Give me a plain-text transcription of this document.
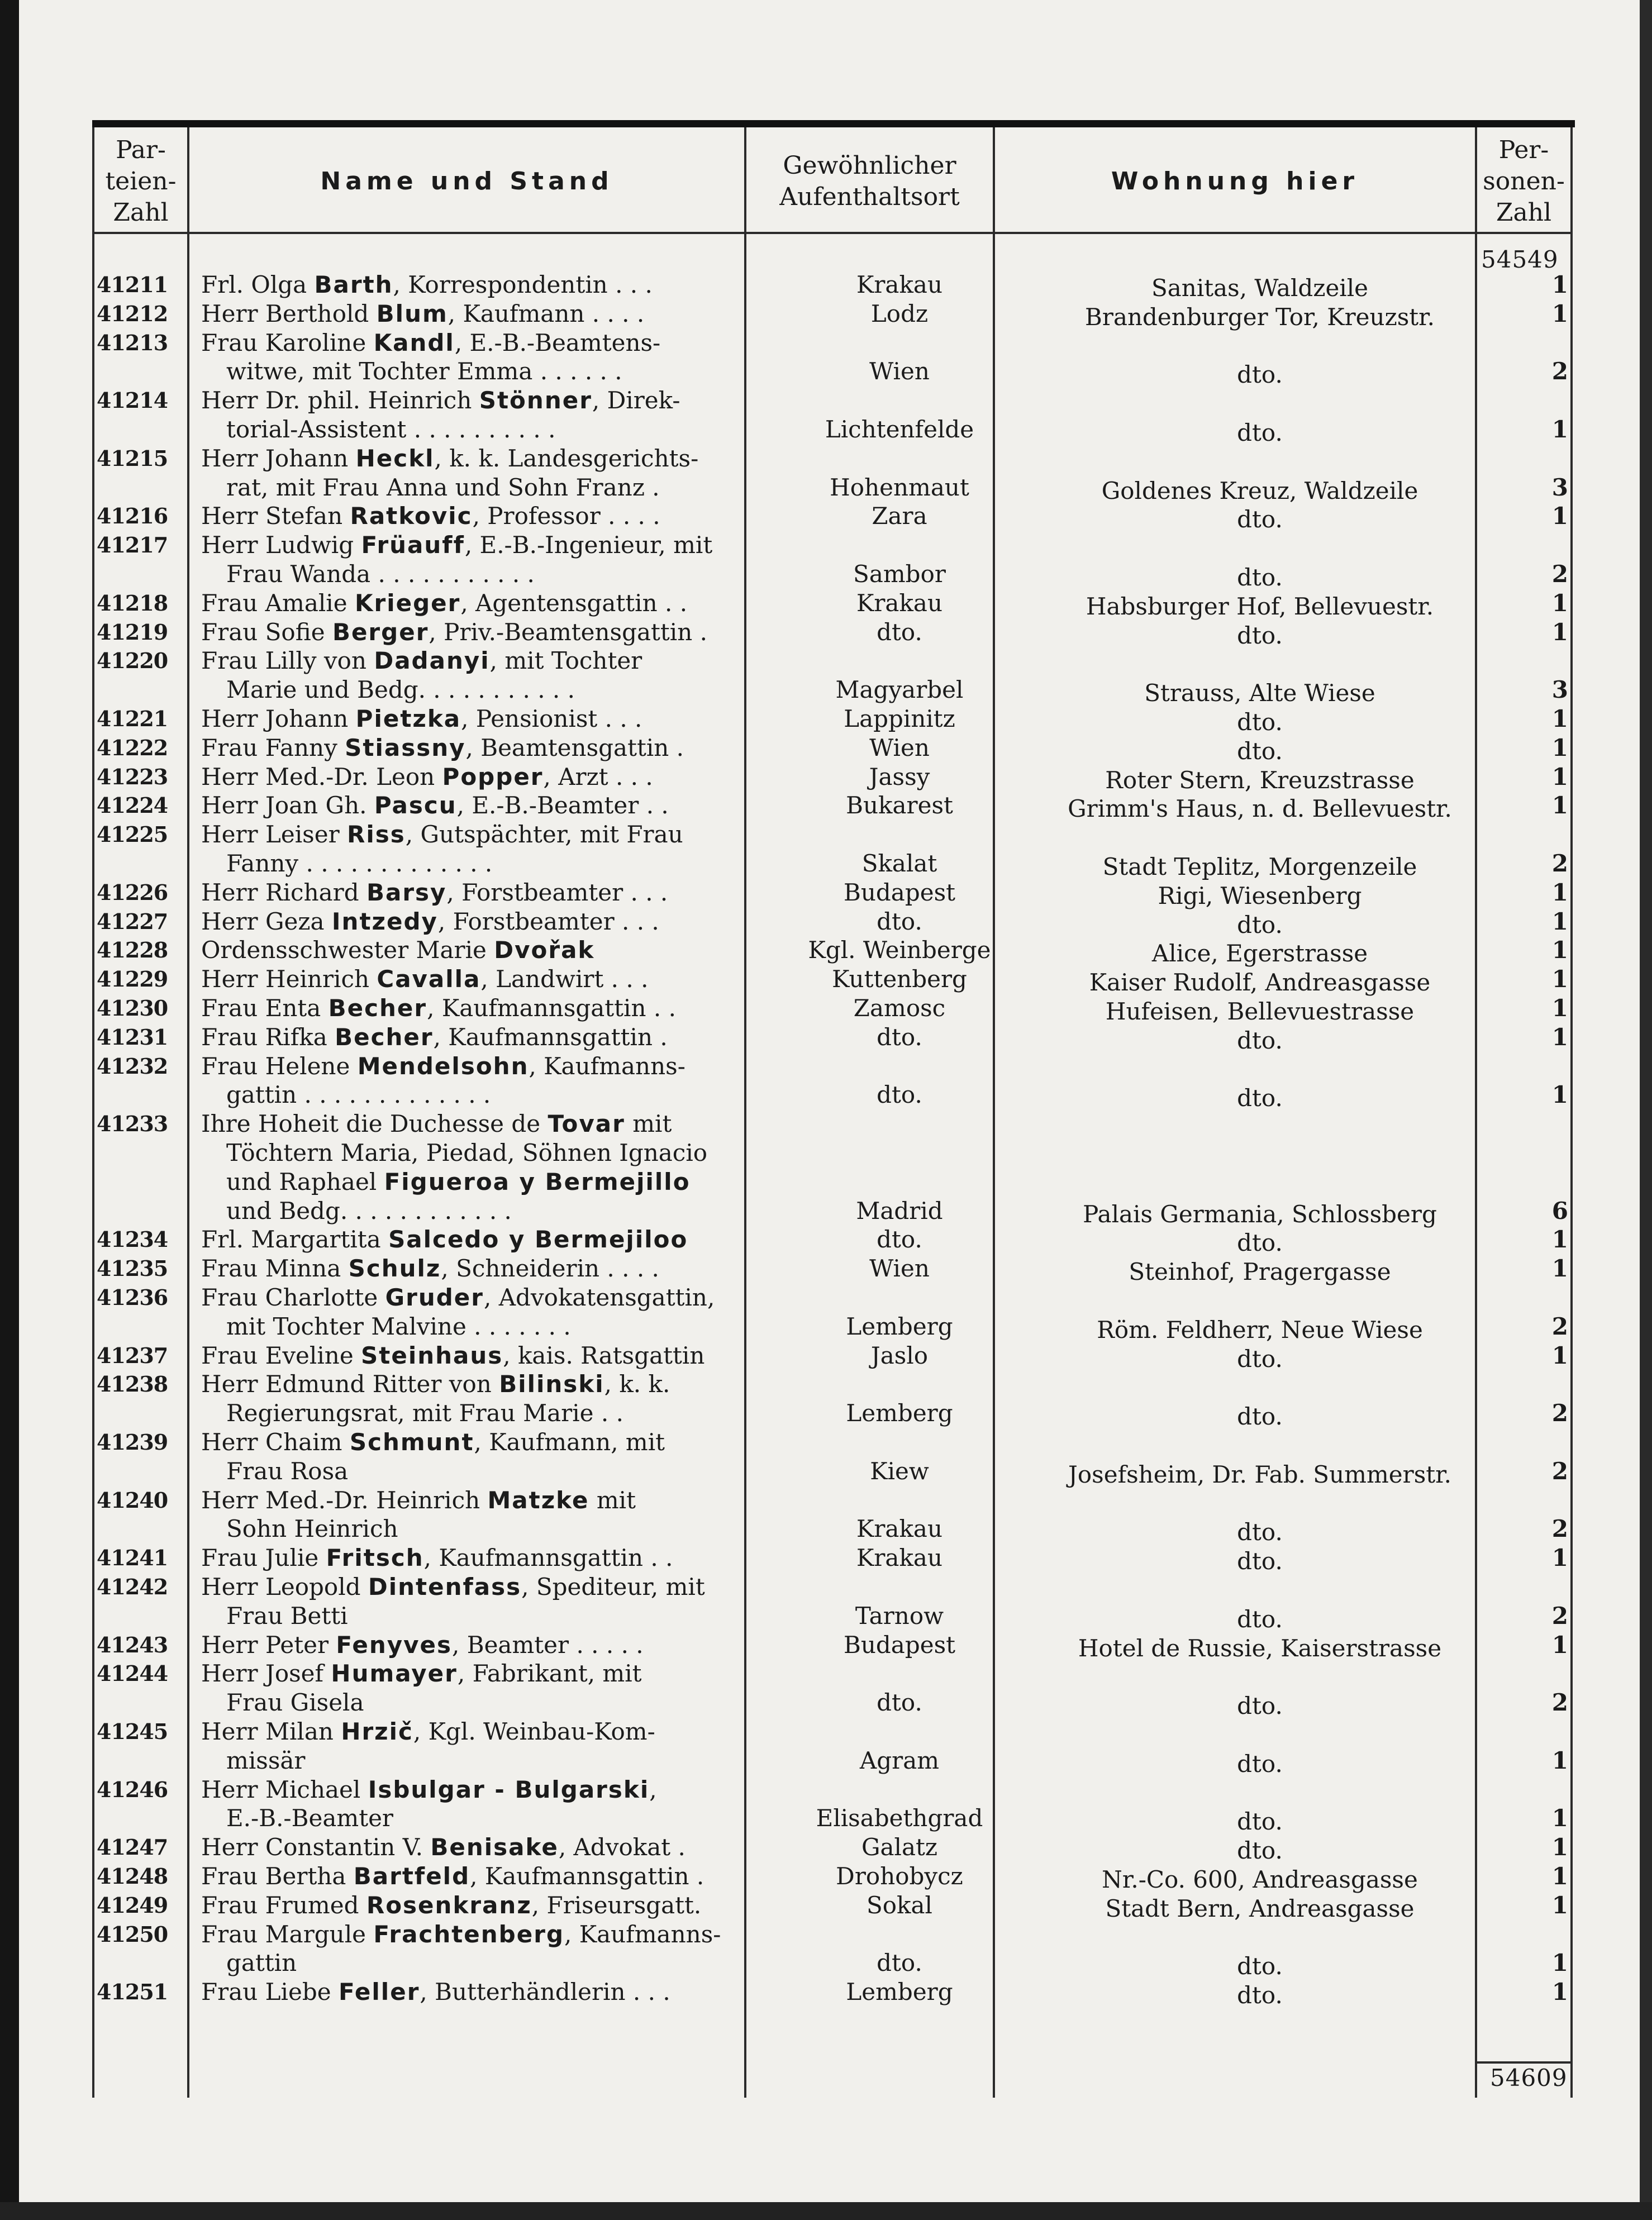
Par-teien-Zahl
Name und Stand
Gewöhnlicher Aufenthaltsort
Wohnung hier
Per-sonen-Zahl
54549
54609
41211	Frl. Olga Barth, Korrespondentin . . .	Krakau	Sanitas, Waldzeile	1
41212	Herr Berthold Blum, Kaufmann . . . .	Lodz	Brandenburger Tor, Kreuzstr.	1
41213	Frau Karoline Kandl, E.-B.-Beamtens-
witwe, mit Tochter Emma . . . . . .	Wien	dto.	2
41214	Herr Dr. phil. Heinrich Stönner, Direk-
torial-Assistent . . . . . . . . . .	Lichtenfelde	dto.	1
41215	Herr Johann Heckl, k. k. Landesgerichts-
rat, mit Frau Anna und Sohn Franz .	Hohenmaut	Goldenes Kreuz, Waldzeile	3
41216	Herr Stefan Ratkovic, Professor . . . .	Zara	dto.	1
41217	Herr Ludwig Früauff, E.-B.-Ingenieur, mit
Frau Wanda . . . . . . . . . . .	Sambor	dto.	2
41218	Frau Amalie Krieger, Agentensgattin . .	Krakau	Habsburger Hof, Bellevuestr.	1
41219	Frau Sofie Berger, Priv.-Beamtensgattin .	dto.	dto.	1
41220	Frau Lilly von Dadanyi, mit Tochter
Marie und Bedg. . . . . . . . . . .	Magyarbel	Strauss, Alte Wiese	3
41221	Herr Johann Pietzka, Pensionist . . .	Lappinitz	dto.	1
41222	Frau Fanny Stiassny, Beamtensgattin .	Wien	dto.	1
41223	Herr Med.-Dr. Leon Popper, Arzt . . .	Jassy	Roter Stern, Kreuzstrasse	1
41224	Herr Joan Gh. Pascu, E.-B.-Beamter . .	Bukarest	Grimm's Haus, n. d. Bellevuestr.	1
41225	Herr Leiser Riss, Gutspächter, mit Frau
Fanny . . . . . . . . . . . . .	Skalat	Stadt Teplitz, Morgenzeile	2
41226	Herr Richard Barsy, Forstbeamter . . .	Budapest	Rigi, Wiesenberg	1
41227	Herr Geza Intzedy, Forstbeamter . . .	dto.	dto.	1
41228	Ordensschwester Marie Dvořak	Kgl. Weinberge	Alice, Egerstrasse	1
41229	Herr Heinrich Cavalla, Landwirt . . .	Kuttenberg	Kaiser Rudolf, Andreasgasse	1
41230	Frau Enta Becher, Kaufmannsgattin . .	Zamosc	Hufeisen, Bellevuestrasse	1
41231	Frau Rifka Becher, Kaufmannsgattin .	dto.	dto.	1
41232	Frau Helene Mendelsohn, Kaufmanns-
gattin . . . . . . . . . . . . .	dto.	dto.	1
41233	Ihre Hoheit die Duchesse de Tovar mit
Töchtern Maria, Piedad, Söhnen Ignacio
und Raphael Figueroa y Bermejillo
und Bedg. . . . . . . . . . . .	Madrid	Palais Germania, Schlossberg	6
41234	Frl. Margartita Salcedo y Bermejiloo	dto.	dto.	1
41235	Frau Minna Schulz, Schneiderin . . . .	Wien	Steinhof, Pragergasse	1
41236	Frau Charlotte Gruder, Advokatensgattin,
mit Tochter Malvine . . . . . . .	Lemberg	Röm. Feldherr, Neue Wiese	2
41237	Frau Eveline Steinhaus, kais. Ratsgattin	Jaslo	dto.	1
41238	Herr Edmund Ritter von Bilinski, k. k.
Regierungsrat, mit Frau Marie . .	Lemberg	dto.	2
41239	Herr Chaim Schmunt, Kaufmann, mit
Frau Rosa	Kiew	Josefsheim, Dr. Fab. Summerstr.	2
41240	Herr Med.-Dr. Heinrich Matzke mit
Sohn Heinrich	Krakau	dto.	2
41241	Frau Julie Fritsch, Kaufmannsgattin . .	Krakau	dto.	1
41242	Herr Leopold Dintenfass, Spediteur, mit
Frau Betti	Tarnow	dto.	2
41243	Herr Peter Fenyves, Beamter . . . . .	Budapest	Hotel de Russie, Kaiserstrasse	1
41244	Herr Josef Humayer, Fabrikant, mit
Frau Gisela	dto.	dto.	2
41245	Herr Milan Hrzič, Kgl. Weinbau-Kom-
missär	Agram	dto.	1
41246	Herr Michael Isbulgar - Bulgarski,
E.-B.-Beamter	Elisabethgrad	dto.	1
41247	Herr Constantin V. Benisake, Advokat .	Galatz	dto.	1
41248	Frau Bertha Bartfeld, Kaufmannsgattin .	Drohobycz	Nr.-Co. 600, Andreasgasse	1
41249	Frau Frumed Rosenkranz, Friseursgatt.	Sokal	Stadt Bern, Andreasgasse	1
41250	Frau Margule Frachtenberg, Kaufmanns-
gattin	dto.	dto.	1
41251	Frau Liebe Feller, Butterhändlerin . . .	Lemberg	dto.	1
